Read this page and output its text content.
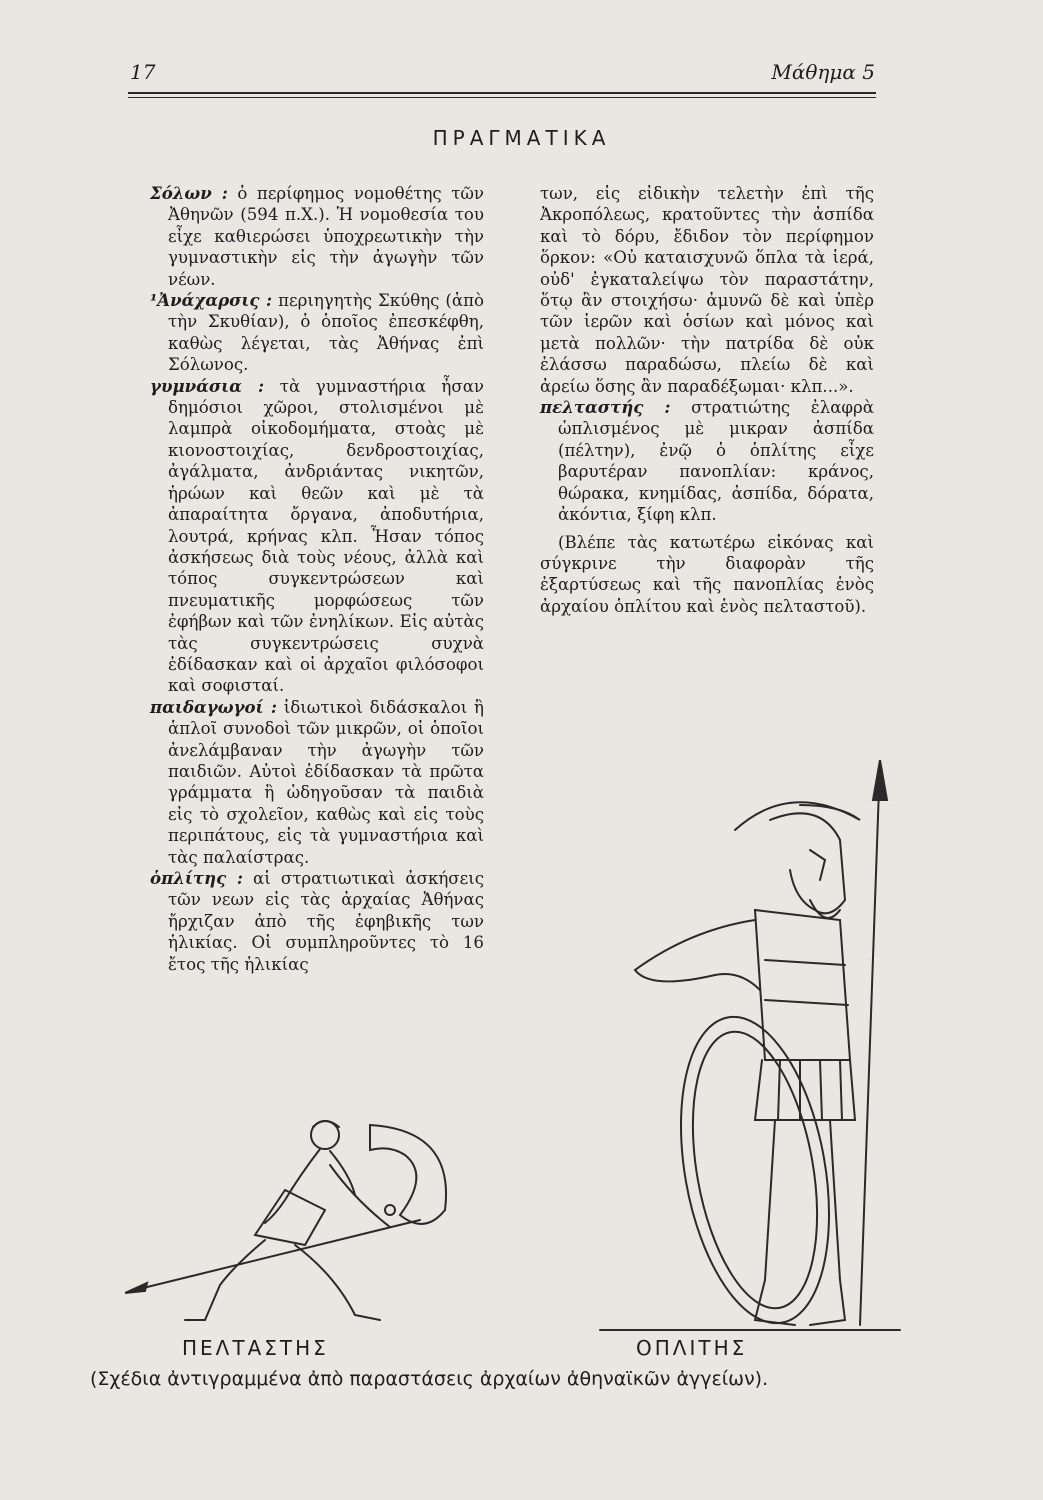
17	Μάθημα 5
ΠΡΑΓΜΑΤΙΚΑ

Σόλων : ὁ περίφημος νομοθέτης τῶν Ἀθηνῶν (594 π.Χ.). Ἡ νομοθεσία του εἶχε καθιερώσει ὑποχρεωτικὴν τὴν γυμναστικὴν εἰς τὴν ἀγωγὴν τῶν νέων.

¹Ἀνάχαρσις : περιηγητὴς Σκύθης (ἀπὸ τὴν Σκυθίαν), ὁ ὁποῖος ἐπεσκέφθη, καθὼς λέγεται, τὰς Ἀθήνας ἐπὶ Σόλωνος.

γυμνάσια : τὰ γυμναστήρια ἦσαν δημόσιοι χῶροι, στολισμένοι μὲ λαμπρὰ οἰκοδομήματα, στοὰς μὲ κιονοστοιχίας, δενδροστοιχίας, ἀγάλματα, ἀνδριάντας νικητῶν, ἡρώων καὶ θεῶν καὶ μὲ τὰ ἀπαραίτητα ὄργανα, ἀποδυτήρια, λουτρά, κρήνας κλπ. Ἦσαν τόπος ἀσκήσεως διὰ τοὺς νέους, ἀλλὰ καὶ τόπος συγκεντρώσεων καὶ πνευματικῆς μορφώσεως τῶν ἐφήβων καὶ τῶν ἐνηλίκων. Εἰς αὐτὰς τὰς συγκεντρώσεις συχνὰ ἐδίδασκαν καὶ οἱ ἀρχαῖοι φιλόσοφοι καὶ σοφισταί.

παιδαγωγοί : ἰδιωτικοὶ διδάσκαλοι ἢ ἁπλοῖ συνοδοὶ τῶν μικρῶν, οἱ ὁποῖοι ἀνελάμβαναν τὴν ἀγωγὴν τῶν παιδιῶν. Αὐτοὶ ἐδίδασκαν τὰ πρῶτα γράμματα ἢ ὡδηγοῦσαν τὰ παιδιὰ εἰς τὸ σχολεῖον, καθὼς καὶ εἰς τοὺς περιπάτους, εἰς τὰ γυμναστήρια καὶ τὰς παλαίστρας.

ὁπλίτης : αἱ στρατιωτικαὶ ἀσκήσεις τῶν νεων εἰς τὰς ἀρχαίας Ἀθήνας ἤρχιζαν ἀπὸ τῆς ἐφηβικῆς των ἡλικίας. Οἱ συμπληροῦντες τὸ 16 ἔτος τῆς ἡλικίας

των, εἰς εἰδικὴν τελετὴν ἐπὶ τῆς Ἀκροπόλεως, κρατοῦντες τὴν ἀσπίδα καὶ τὸ δόρυ, ἔδιδον τὸν περίφημον ὅρκον: «Οὐ καταισχυνῶ ὅπλα τὰ ἱερά, οὐδ' ἐγκαταλείψω τὸν παραστάτην, ὅτῳ ἂν στοιχήσω· ἀμυνῶ δὲ καὶ ὑπὲρ τῶν ἱερῶν καὶ ὁσίων καὶ μόνος καὶ μετὰ πολλῶν· τὴν πατρίδα δὲ οὐκ ἐλάσσω παραδώσω, πλείω δὲ καὶ ἀρείω ὅσης ἂν παραδέξωμαι· κλπ...».

πελταστής : στρατιώτης ἐλαφρὰ ὡπλισμένος μὲ μικραν ἀσπίδα (πέλτην), ἐνῷ ὁ ὁπλίτης εἶχε βαρυτέραν πανοπλίαν: κράνος, θώρακα, κνημίδας, ἀσπίδα, δόρατα, ἀκόντια, ξίφη κλπ.

(Βλέπε τὰς κατωτέρω εἰκόνας καὶ σύγκρινε τὴν διαφορὰν τῆς ἐξαρτύσεως καὶ τῆς πανοπλίας ἑνὸς ἀρχαίου ὁπλίτου καὶ ἑνὸς πελταστοῦ).

ΠΕΛΤΑΣΤΗΣ	ΟΠΛΙΤΗΣ
(Σχέδια ἀντιγραμμένα ἀπὸ παραστάσεις ἀρχαίων ἀθηναϊκῶν ἀγγείων).
